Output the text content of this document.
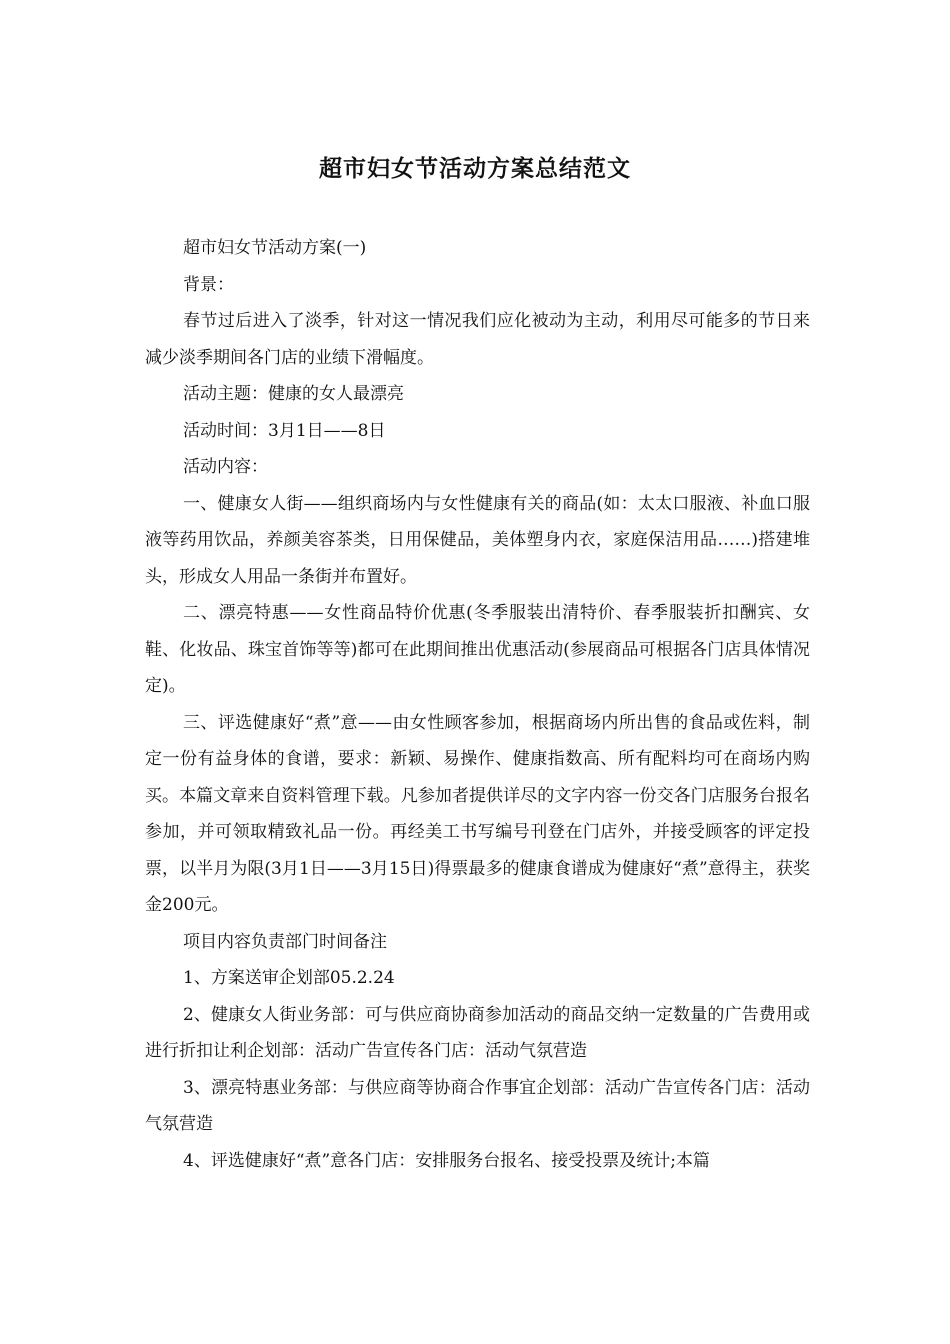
超市妇女节活动方案总结范文

超市妇女节活动方案(一)

背景：

春节过后进入了淡季，针对这一情况我们应化被动为主动，利用尽可能多的节日来减少淡季期间各门店的业绩下滑幅度。

活动主题：健康的女人最漂亮

活动时间：3月1日——8日

活动内容：

一、健康女人街——组织商场内与女性健康有关的商品(如：太太口服液、补血口服液等药用饮品，养颜美容茶类，日用保健品，美体塑身内衣，家庭保洁用品……)搭建堆头，形成女人用品一条街并布置好。

二、漂亮特惠——女性商品特价优惠(冬季服装出清特价、春季服装折扣酬宾、女鞋、化妆品、珠宝首饰等等)都可在此期间推出优惠活动(参展商品可根据各门店具体情况定)。

三、评选健康好“煮”意——由女性顾客参加，根据商场内所出售的食品或佐料，制定一份有益身体的食谱，要求：新颖、易操作、健康指数高、所有配料均可在商场内购买。本篇文章来自资料管理下载。凡参加者提供详尽的文字内容一份交各门店服务台报名参加，并可领取精致礼品一份。再经美工书写编号刊登在门店外，并接受顾客的评定投票，以半月为限(3月1日——3月15日)得票最多的健康食谱成为健康好“煮”意得主，获奖金200元。

项目内容负责部门时间备注

1、方案送审企划部05.2.24

2、健康女人街业务部：可与供应商协商参加活动的商品交纳一定数量的广告费用或进行折扣让利企划部：活动广告宣传各门店：活动气氛营造

3、漂亮特惠业务部：与供应商等协商合作事宜企划部：活动广告宣传各门店：活动气氛营造

4、评选健康好“煮”意各门店：安排服务台报名、接受投票及统计;本篇
